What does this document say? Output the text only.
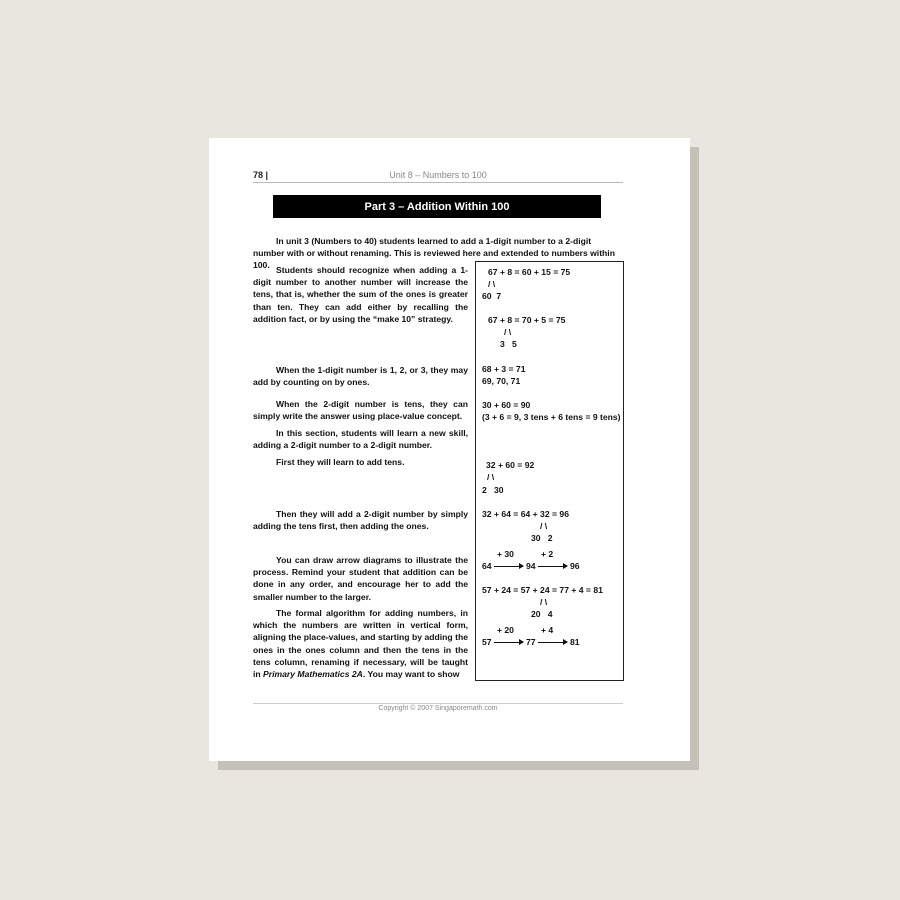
78 |	Unit 8 – Numbers to 100
Part 3 – Addition Within 100
In unit 3 (Numbers to 40) students learned to add a 1-digit number to a 2-digit number with or without renaming. This is reviewed here and extended to numbers within 100. Students should recognize when adding a 1-digit number to another number will increase the tens, that is, whether the sum of the ones is greater than ten. They can add either by recalling the addition fact, or by using the “make 10” strategy.
When the 1-digit number is 1, 2, or 3, they may add by counting on by ones.
When the 2-digit number is tens, they can simply write the answer using place-value concept.
In this section, students will learn a new skill, adding a 2-digit number to a 2-digit number.
First they will learn to add tens.
Then they will add a 2-digit number by simply adding the tens first, then adding the ones.
You can draw arrow diagrams to illustrate the process. Remind your student that addition can be done in any order, and encourage her to add the smaller number to the larger.
The formal algorithm for adding numbers, in which the numbers are written in vertical form, aligning the place-values, and starting by adding the ones in the ones column and then the tens in the tens column, renaming if necessary, will be taught in Primary Mathematics 2A. You may want to show
67 + 8 = 60 + 15 = 75
/ \
60  7
67 + 8 = 70 + 5 = 75
/ \
3   5
68 + 3 = 71
69, 70, 71
30 + 60 = 90
(3 + 6 = 9, 3 tens + 6 tens = 9 tens)
32 + 60 = 92
/ \
2   30
32 + 64 = 64 + 32 = 96
/ \
30   2
+ 30	+ 2
64	94	96
57 + 24 = 57 + 24 = 77 + 4 = 81
/ \
20   4
+ 20	+ 4
57	77	81
Copyright © 2007 Singaporemath.com
